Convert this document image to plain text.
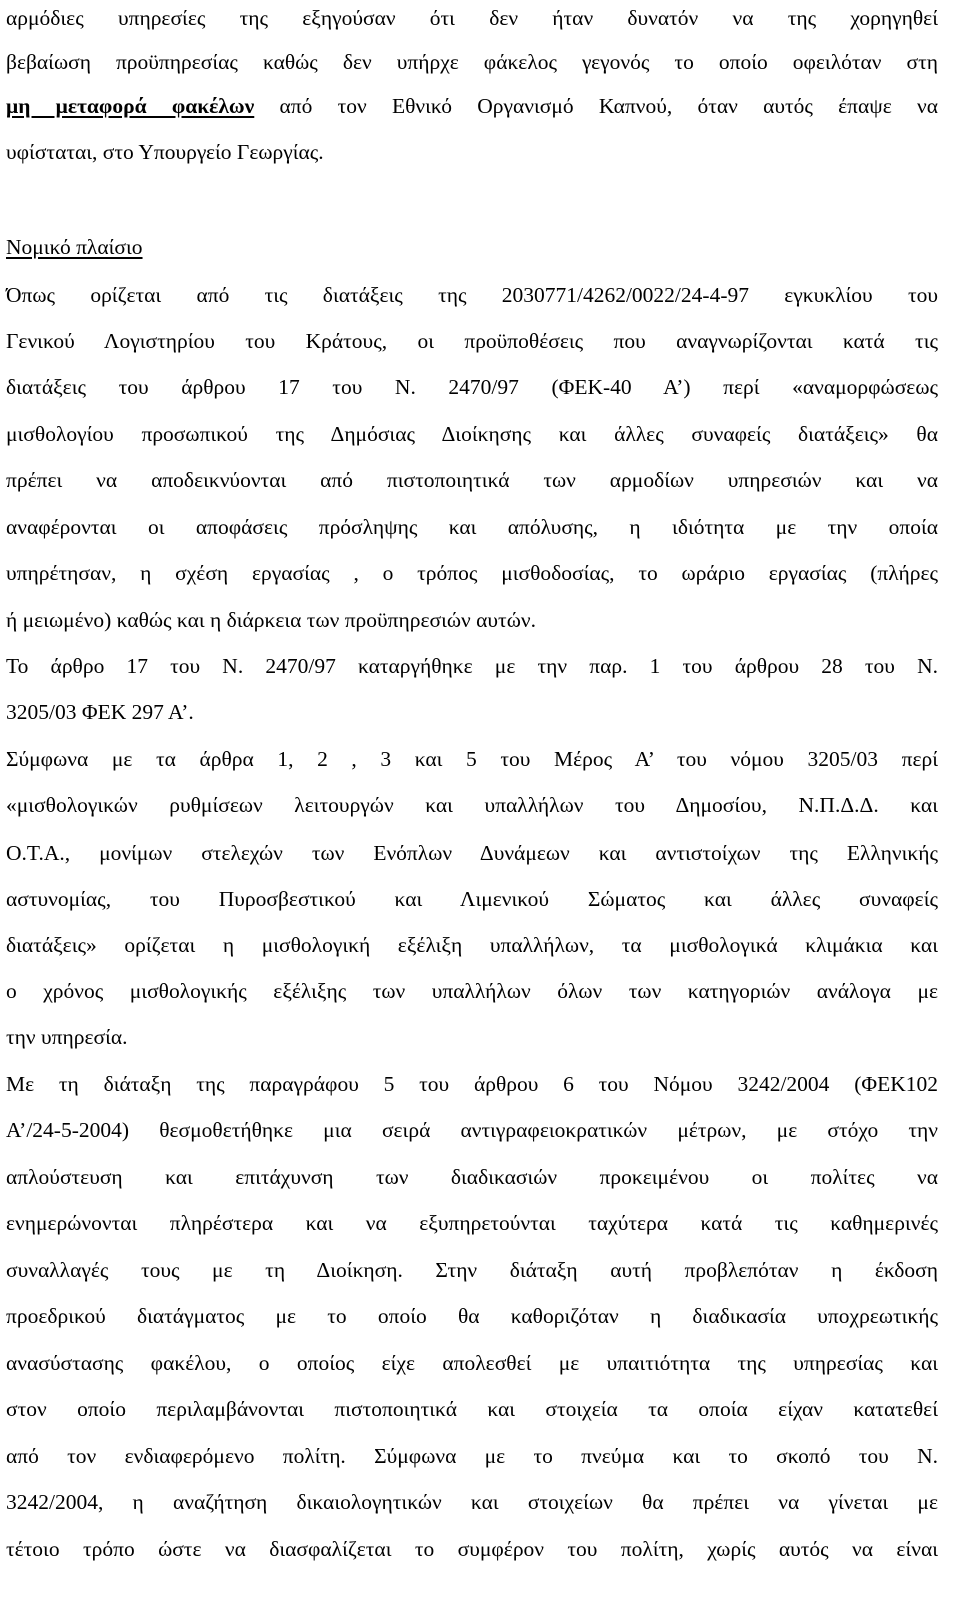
αρμόδιες υπηρεσίες της εξηγούσαν ότι δεν ήταν δυνατόν να της χορηγηθεί
βεβαίωση προϋπηρεσίας καθώς δεν υπήρχε φάκελος γεγονός το οποίο οφειλόταν στη
μη μεταφορά φακέλων από τον Εθνικό Οργανισμό Καπνού, όταν αυτός έπαψε να
υφίσταται, στο Υπουργείο Γεωργίας.
Νομικό πλαίσιο
Όπως ορίζεται από τις διατάξεις της 2030771/4262/0022/24-4-97 εγκυκλίου του
Γενικού Λογιστηρίου του Κράτους, οι προϋποθέσεις που αναγνωρίζονται κατά τις
διατάξεις του άρθρου 17 του Ν. 2470/97 (ΦΕΚ-40 Α’) περί «αναμορφώσεως
μισθολογίου προσωπικού της Δημόσιας Διοίκησης και άλλες συναφείς διατάξεις» θα
πρέπει να αποδεικνύονται από πιστοποιητικά των αρμοδίων υπηρεσιών και να
αναφέρονται οι αποφάσεις πρόσληψης και απόλυσης, η ιδιότητα με την οποία
υπηρέτησαν, η σχέση εργασίας , ο τρόπος μισθοδοσίας, το ωράριο εργασίας (πλήρες
ή μειωμένο) καθώς και η διάρκεια των προϋπηρεσιών αυτών.
Το άρθρο 17 του Ν. 2470/97 καταργήθηκε με την παρ. 1 του άρθρου 28 του Ν.
3205/03 ΦΕΚ 297 Α’.
Σύμφωνα με τα άρθρα 1, 2 , 3 και 5 του Μέρος Α’ του νόμου 3205/03 περί
«μισθολογικών ρυθμίσεων λειτουργών και υπαλλήλων του Δημοσίου, Ν.Π.Δ.Δ. και
Ο.Τ.Α., μονίμων στελεχών των Ενόπλων Δυνάμεων και αντιστοίχων της Ελληνικής
αστυνομίας, του Πυροσβεστικού και Λιμενικού Σώματος και άλλες συναφείς
διατάξεις» ορίζεται η μισθολογική εξέλιξη υπαλλήλων, τα μισθολογικά κλιμάκια και
ο χρόνος μισθολογικής εξέλιξης των υπαλλήλων όλων των κατηγοριών ανάλογα με
την υπηρεσία.
Με τη διάταξη της παραγράφου 5 του άρθρου 6 του Νόμου 3242/2004 (ΦΕΚ102
Α’/24-5-2004) θεσμοθετήθηκε μια σειρά αντιγραφειοκρατικών μέτρων, με στόχο την
απλούστευση και επιτάχυνση των διαδικασιών προκειμένου οι πολίτες να
ενημερώνονται πληρέστερα και να εξυπηρετούνται ταχύτερα κατά τις καθημερινές
συναλλαγές τους με τη Διοίκηση. Στην διάταξη αυτή προβλεπόταν η έκδοση
προεδρικού διατάγματος με το οποίο θα καθοριζόταν η διαδικασία υποχρεωτικής
ανασύστασης φακέλου, ο οποίος είχε απολεσθεί με υπαιτιότητα της υπηρεσίας και
στον οποίο περιλαμβάνονται πιστοποιητικά και στοιχεία τα οποία είχαν κατατεθεί
από τον ενδιαφερόμενο πολίτη. Σύμφωνα με το πνεύμα και το σκοπό του Ν.
3242/2004, η αναζήτηση δικαιολογητικών και στοιχείων θα πρέπει να γίνεται με
τέτοιο τρόπο ώστε να διασφαλίζεται το συμφέρον του πολίτη, χωρίς αυτός να είναι
